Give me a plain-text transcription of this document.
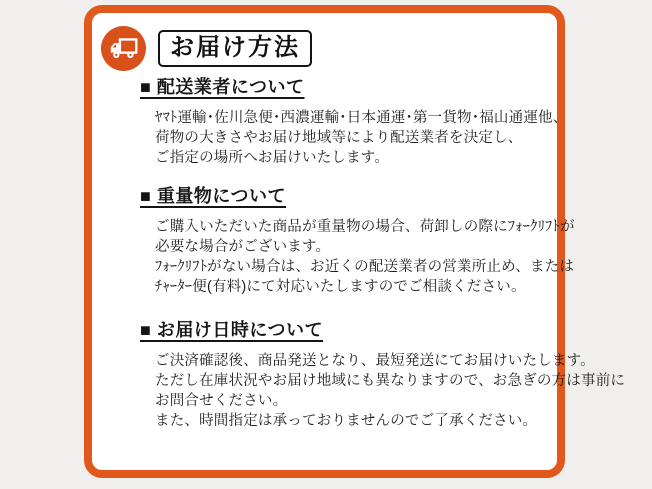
お届け方法
■ 配送業者について
ﾔﾏﾄ運輸･佐川急便･西濃運輸･日本通運･第一貨物･福山通運他、
荷物の大きさやお届け地域等により配送業者を決定し、
ご指定の場所へお届けいたします。
■ 重量物について
ご購入いただいた商品が重量物の場合、荷卸しの際にﾌｫｰｸﾘﾌﾄが
必要な場合がございます。
ﾌｫｰｸﾘﾌﾄがない場合は、お近くの配送業者の営業所止め、または
ﾁｬｰﾀｰ便(有料)にて対応いたしますのでご相談ください。
■ お届け日時について
ご決済確認後、商品発送となり、最短発送にてお届けいたします。
ただし在庫状況やお届け地域にも異なりますので、お急ぎの方は事前に
お問合せください。
また、時間指定は承っておりませんのでご了承ください。
